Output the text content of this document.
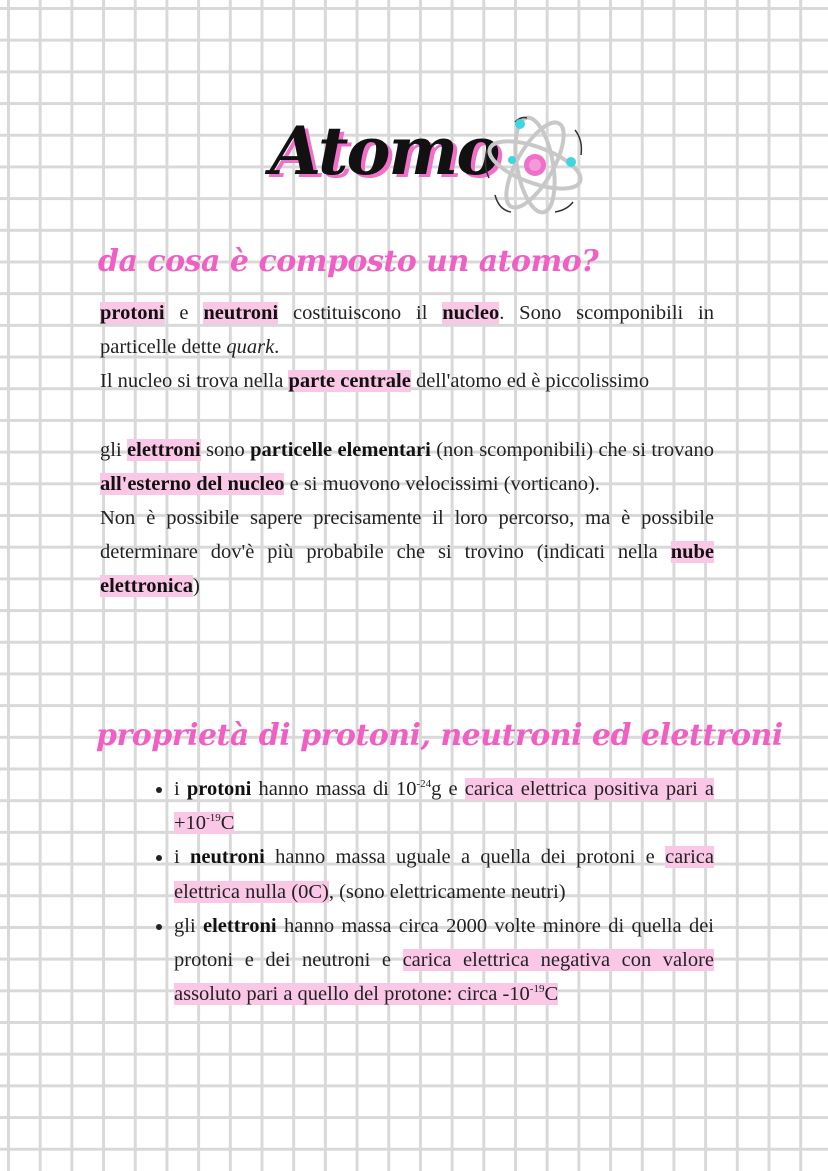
Atomo
da cosa è composto un atomo?

protoni e neutroni costituiscono il nucleo. Sono scomponibili in particelle dette quark.

Il nucleo si trova nella parte centrale dell'atomo ed è piccolissimo

gli elettroni sono particelle elementari (non scomponibili) che si trovano all'esterno del nucleo e si muovono velocissimi (vorticano).

Non è possibile sapere precisamente il loro percorso, ma è possibile determinare dov'è più probabile che si trovino (indicati nella nube elettronica)

proprietà di protoni, neutroni ed elettroni
• i protoni hanno massa di $10^{-24}g$ e carica elettrica positiva pari $a +10^{-19}C$
• i neutroni hanno massa uguale a quella dei protoni e carica elettrica nulla (0C), (sono elettricamente neutri)
• gli elettroni hanno massa circa 2000 volte minore di quella dei protoni e dei neutroni e carica elettrica negativa con valore assoluto pari a quello del protone: circa $-10^{-19}C$
